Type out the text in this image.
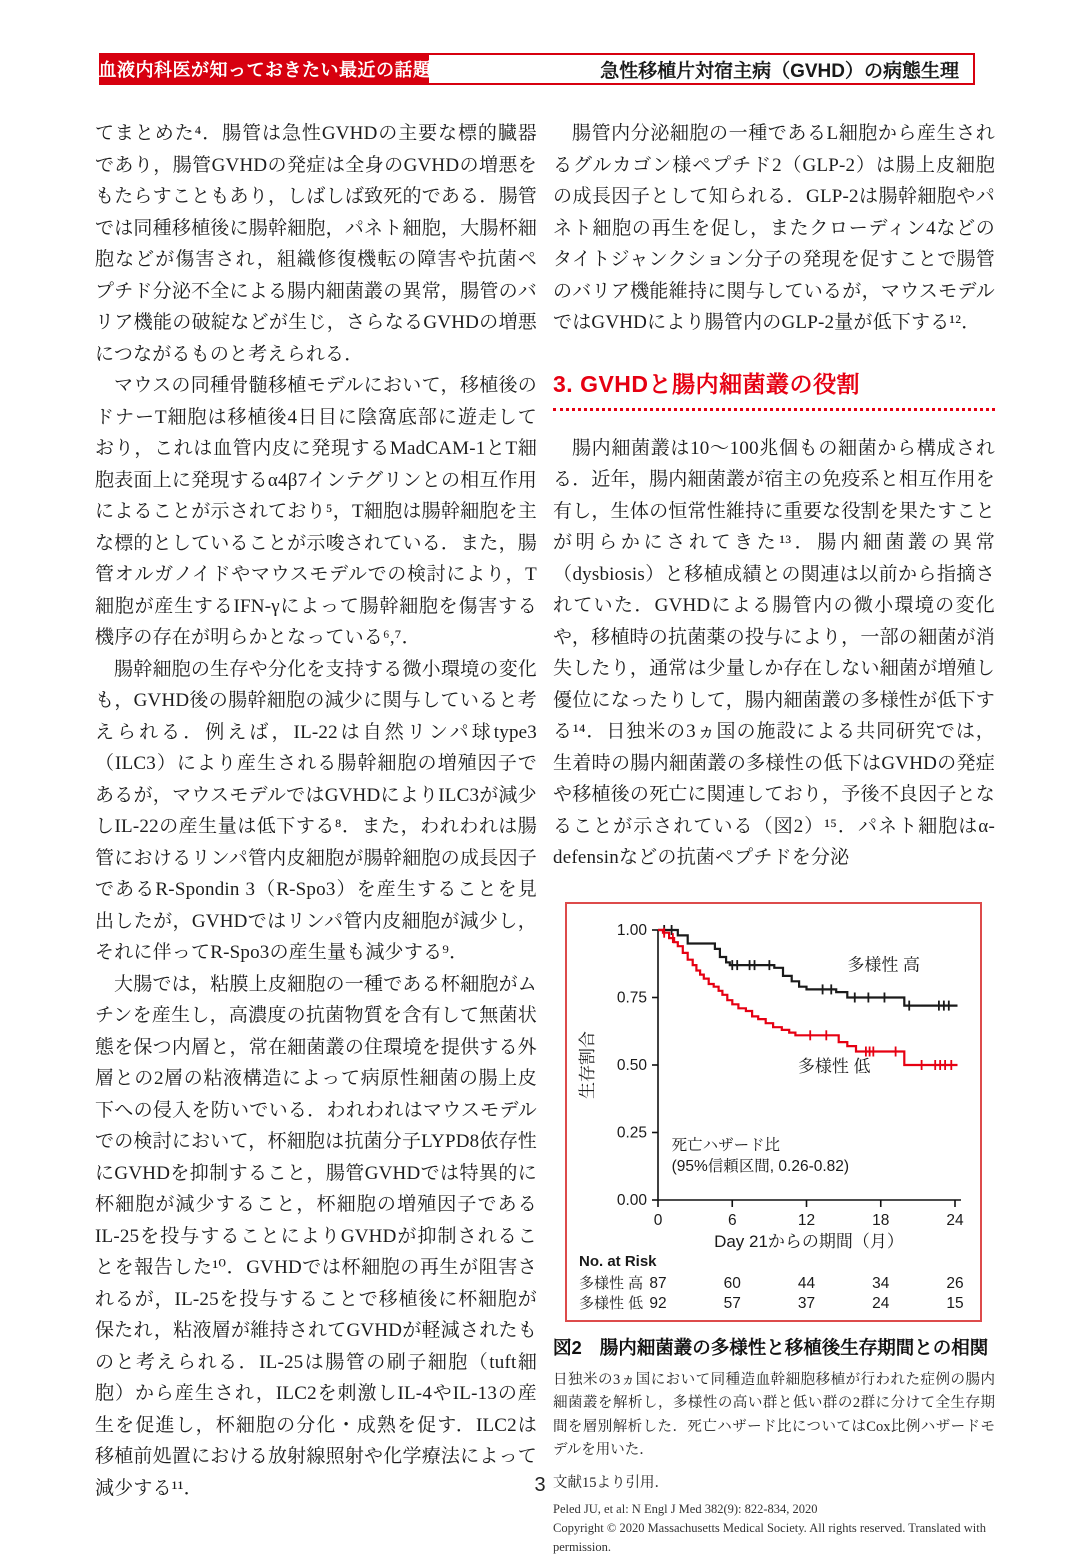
血液内科医が知っておきたい最近の話題	急性移植片対宿主病（GVHD）の病態生理

てまとめた⁴．腸管は急性GVHDの主要な標的臓器であり，腸管GVHDの発症は全身のGVHDの増悪をもたらすこともあり，しばしば致死的である．腸管では同種移植後に腸幹細胞，パネト細胞，大腸杯細胞などが傷害され，組織修復機転の障害や抗菌ペプチド分泌不全による腸内細菌叢の異常，腸管のバリア機能の破綻などが生じ，さらなるGVHDの増悪につながるものと考えられる．

マウスの同種骨髄移植モデルにおいて，移植後のドナーT細胞は移植後4日目に陰窩底部に遊走しており，これは血管内皮に発現するMadCAM-1とT細胞表面上に発現するα4β7インテグリンとの相互作用によることが示されており⁵，T細胞は腸幹細胞を主な標的としていることが示唆されている．また，腸管オルガノイドやマウスモデルでの検討により，T細胞が産生するIFN-γによって腸幹細胞を傷害する機序の存在が明らかとなっている⁶,⁷．

腸幹細胞の生存や分化を支持する微小環境の変化も，GVHD後の腸幹細胞の減少に関与していると考えられる．例えば，IL-22は自然リンパ球type3（ILC3）により産生される腸幹細胞の増殖因子であるが，マウスモデルではGVHDによりILC3が減少しIL-22の産生量は低下する⁸．また，われわれは腸管におけるリンパ管内皮細胞が腸幹細胞の成長因子であるR-Spondin 3（R-Spo3）を産生することを見出したが，GVHDではリンパ管内皮細胞が減少し，それに伴ってR-Spo3の産生量も減少する⁹．

大腸では，粘膜上皮細胞の一種である杯細胞がムチンを産生し，高濃度の抗菌物質を含有して無菌状態を保つ内層と，常在細菌叢の住環境を提供する外層との2層の粘液構造によって病原性細菌の腸上皮下への侵入を防いでいる．われわれはマウスモデルでの検討において，杯細胞は抗菌分子LYPD8依存性にGVHDを抑制すること，腸管GVHDでは特異的に杯細胞が減少すること，杯細胞の増殖因子であるIL-25を投与することによりGVHDが抑制されることを報告した¹⁰．GVHDでは杯細胞の再生が阻害されるが，IL-25を投与することで移植後に杯細胞が保たれ，粘液層が維持されてGVHDが軽減されたものと考えられる．IL-25は腸管の刷子細胞（tuft細胞）から産生され，ILC2を刺激しIL-4やIL-13の産生を促進し，杯細胞の分化・成熟を促す．ILC2は移植前処置における放射線照射や化学療法によって減少する¹¹．

腸管内分泌細胞の一種であるL細胞から産生されるグルカゴン様ペプチド2（GLP-2）は腸上皮細胞の成長因子として知られる．GLP-2は腸幹細胞やパネト細胞の再生を促し，またクローディン4などのタイトジャンクション分子の発現を促すことで腸管のバリア機能維持に関与しているが，マウスモデルではGVHDにより腸管内のGLP-2量が低下する¹²．

3. GVHDと腸内細菌叢の役割

腸内細菌叢は10〜100兆個もの細菌から構成される．近年，腸内細菌叢が宿主の免疫系と相互作用を有し，生体の恒常性維持に重要な役割を果たすことが明らかにされてきた¹³．腸内細菌叢の異常（dysbiosis）と移植成績との関連は以前から指摘されていた．GVHDによる腸管内の微小環境の変化や，移植時の抗菌薬の投与により，一部の細菌が消失したり，通常は少量しか存在しない細菌が増殖し優位になったりして，腸内細菌叢の多様性が低下する¹⁴．日独米の3ヵ国の施設による共同研究では，生着時の腸内細菌叢の多様性の低下はGVHDの発症や移植後の死亡に関連しており，予後不良因子となることが示されている（図2）¹⁵．パネト細胞はα-defensinなどの抗菌ペプチドを分泌

0	6	12	18	24
0.00
0.25
0.50
0.75
1.00
生存割合
Day 21からの期間（月）
死亡ハザード比
(95%信頼区間, 0.26-0.82)
多様性 高
多様性 低
No. at Risk
多様性 高 87	60	44	34	26
多様性 低 92	57	37	24	15
図2 腸内細菌叢の多様性と移植後生存期間との相関
日独米の3ヵ国において同種造血幹細胞移植が行われた症例の腸内細菌叢を解析し，多様性の高い群と低い群の2群に分けて全生存期間を層別解析した．死亡ハザード比についてはCox比例ハザードモデルを用いた．
文献15より引用．
Peled JU, et al: N Engl J Med 382(9): 822-834, 2020
Copyright © 2020 Massachusetts Medical Society. All rights reserved. Translated with permission.
3
